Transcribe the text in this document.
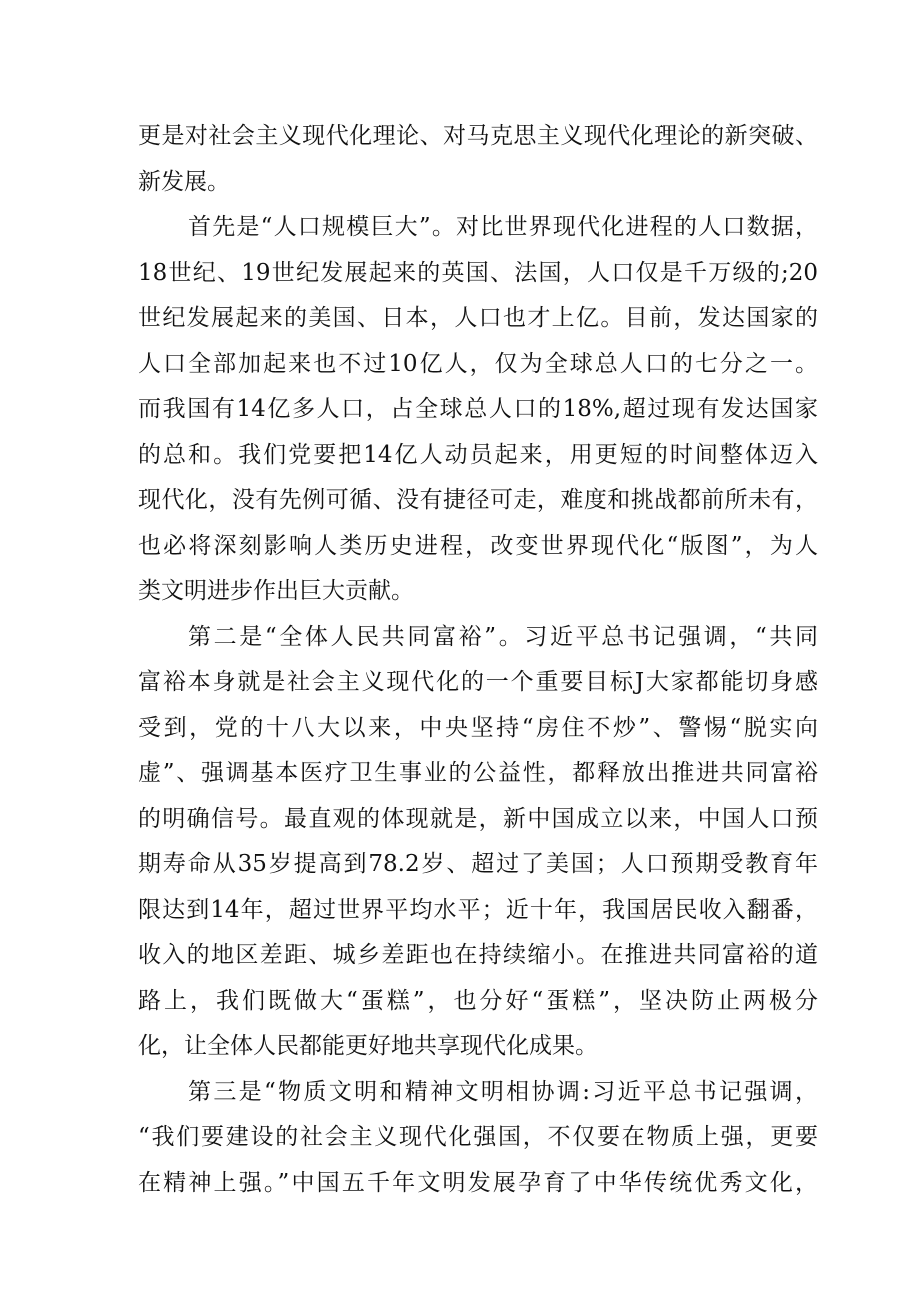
更是对社会主义现代化理论、对马克思主义现代化理论的新突破、
新发展。
首先是“人口规模巨大”。对比世界现代化进程的人口数据，
18世纪、19世纪发展起来的英国、法国，人口仅是千万级的;20
世纪发展起来的美国、日本，人口也才上亿。目前，发达国家的
人口全部加起来也不过10亿人，仅为全球总人口的七分之一。
而我国有14亿多人口，占全球总人口的18%,超过现有发达国家
的总和。我们党要把14亿人动员起来，用更短的时间整体迈入
现代化，没有先例可循、没有捷径可走，难度和挑战都前所未有，
也必将深刻影响人类历史进程，改变世界现代化“版图”，为人
类文明进步作出巨大贡献。
第二是“全体人民共同富裕”。习近平总书记强调，“共同
富裕本身就是社会主义现代化的一个重要目标J大家都能切身感
受到，党的十八大以来，中央坚持“房住不炒”、警惕“脱实向
虚”、强调基本医疗卫生事业的公益性，都释放出推进共同富裕
的明确信号。最直观的体现就是，新中国成立以来，中国人口预
期寿命从35岁提高到78.2岁、超过了美国；人口预期受教育年
限达到14年，超过世界平均水平；近十年，我国居民收入翻番，
收入的地区差距、城乡差距也在持续缩小。在推进共同富裕的道
路上，我们既做大“蛋糕”，也分好“蛋糕”，坚决防止两极分
化，让全体人民都能更好地共享现代化成果。
第三是“物质文明和精神文明相协调:习近平总书记强调，
“我们要建设的社会主义现代化强国，不仅要在物质上强，更要
在精神上强。”中国五千年文明发展孕育了中华传统优秀文化，
